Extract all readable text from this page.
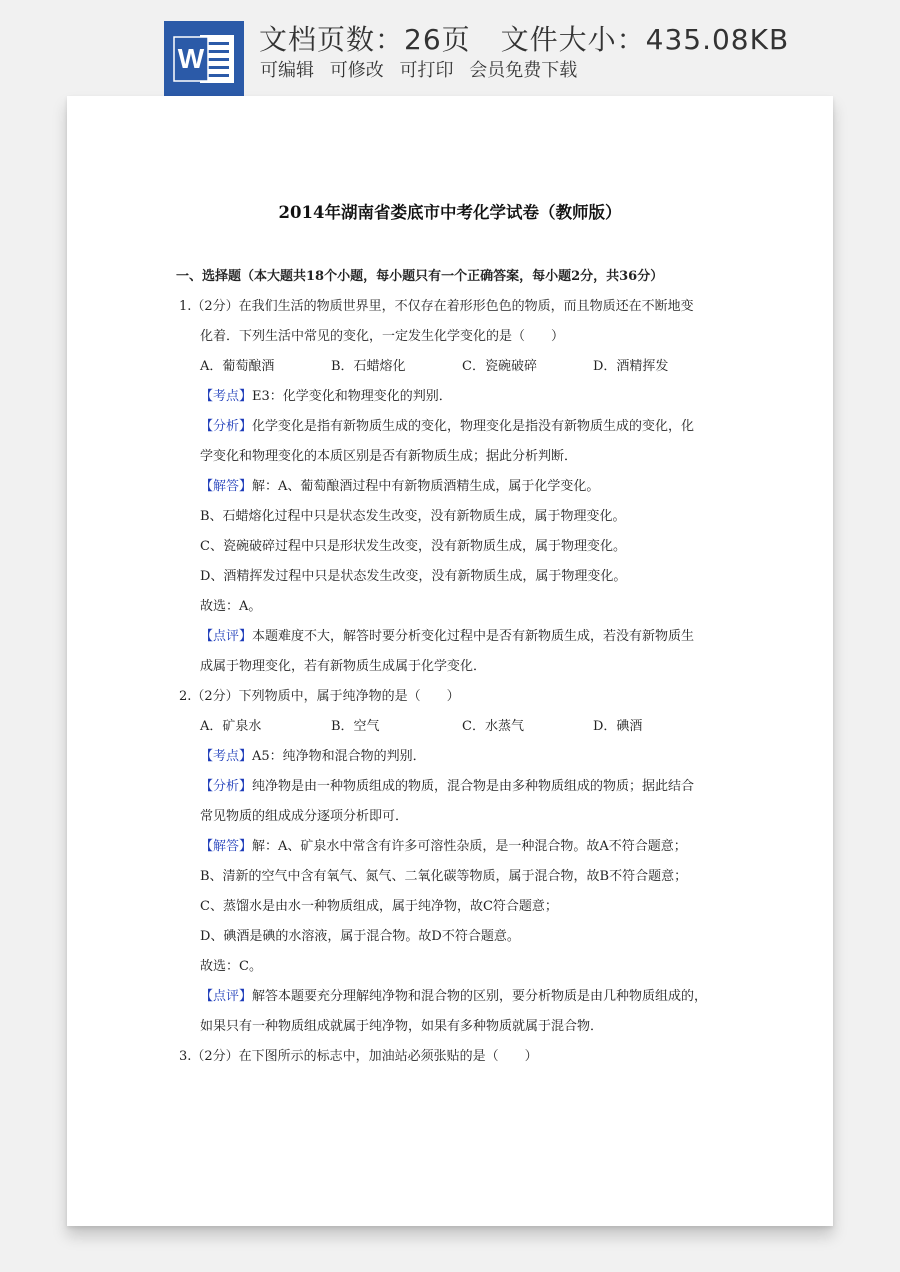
W
文档页数：26页 文件大小：435.08KB
可编辑 可修改 可打印 会员免费下载
2014年湖南省娄底市中考化学试卷（教师版）
一、选择题（本大题共18个小题，每小题只有一个正确答案，每小题2分，共36分）
1.（2分）在我们生活的物质世界里，不仅存在着形形色色的物质，而且物质还在不断地变
化着．下列生活中常见的变化，一定发生化学变化的是（　　）
A．葡萄酿酒	B．石蜡熔化	C．瓷碗破碎	D．酒精挥发
【考点】E3：化学变化和物理变化的判别．
【分析】化学变化是指有新物质生成的变化，物理变化是指没有新物质生成的变化，化
学变化和物理变化的本质区别是否有新物质生成；据此分析判断．
【解答】解：A、葡萄酿酒过程中有新物质酒精生成，属于化学变化。
B、石蜡熔化过程中只是状态发生改变，没有新物质生成，属于物理变化。
C、瓷碗破碎过程中只是形状发生改变，没有新物质生成，属于物理变化。
D、酒精挥发过程中只是状态发生改变，没有新物质生成，属于物理变化。
故选：A。
【点评】本题难度不大，解答时要分析变化过程中是否有新物质生成，若没有新物质生
成属于物理变化，若有新物质生成属于化学变化．
2.（2分）下列物质中，属于纯净物的是（　　）
A．矿泉水	B．空气	C．水蒸气	D．碘酒
【考点】A5：纯净物和混合物的判别．
【分析】纯净物是由一种物质组成的物质，混合物是由多种物质组成的物质；据此结合
常见物质的组成成分逐项分析即可．
【解答】解：A、矿泉水中常含有许多可溶性杂质，是一种混合物。故A不符合题意；
B、清新的空气中含有氧气、氮气、二氧化碳等物质，属于混合物，故B不符合题意；
C、蒸馏水是由水一种物质组成，属于纯净物，故C符合题意；
D、碘酒是碘的水溶液，属于混合物。故D不符合题意。
故选：C。
【点评】解答本题要充分理解纯净物和混合物的区别，要分析物质是由几种物质组成的，
如果只有一种物质组成就属于纯净物，如果有多种物质就属于混合物．
3.（2分）在下图所示的标志中，加油站必须张贴的是（　　）
